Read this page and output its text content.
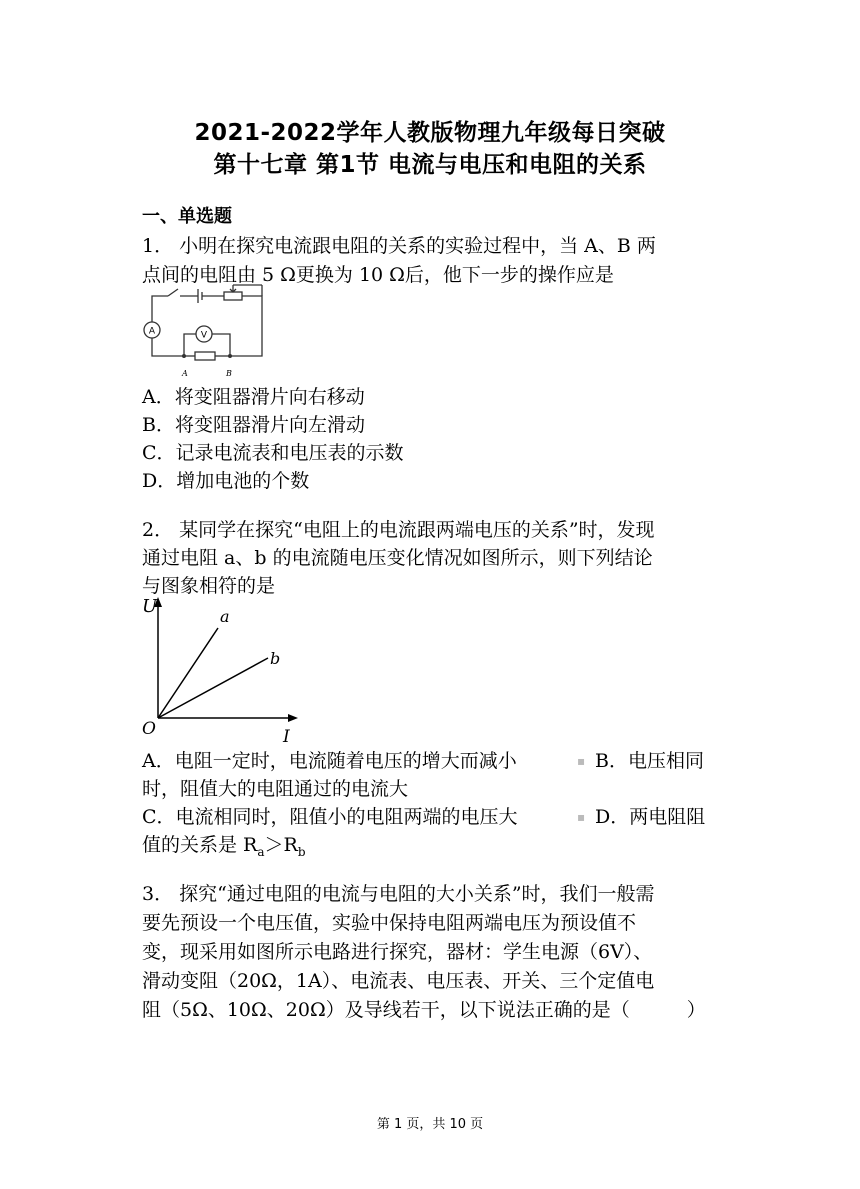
2021-2022学年人教版物理九年级每日突破
第十七章 第1节 电流与电压和电阻的关系
一、单选题
1． 小明在探究电流跟电阻的关系的实验过程中，当 A、B 两
点间的电阻由 5 Ω更换为 10 Ω后，他下一步的操作应是
A	V
A	B
A．将变阻器滑片向右移动
B．将变阻器滑片向左滑动
C．记录电流表和电压表的示数
D．增加电池的个数
2． 某同学在探究“电阻上的电流跟两端电压的关系”时，发现
通过电阻 a、b 的电流随电压变化情况如图所示，则下列结论
与图象相符的是
U
O	I
a
b
A．电阻一定时，电流随着电压的增大而减小	▪ B．电压相同
时，阻值大的电阻通过的电流大
C．电流相同时，阻值小的电阻两端的电压大	▪ D．两电阻阻
值的关系是 $R_a>R_b$
3． 探究“通过电阻的电流与电阻的大小关系”时，我们一般需
要先预设一个电压值，实验中保持电阻两端电压为预设值不
变，现采用如图所示电路进行探究，器材：学生电源（6V）、
滑动变阻（20Ω，1A）、电流表、电压表、开关、三个定值电
阻（5Ω、10Ω、20Ω）及导线若干，以下说法正确的是（　　　）
第 1 页，共 10 页
